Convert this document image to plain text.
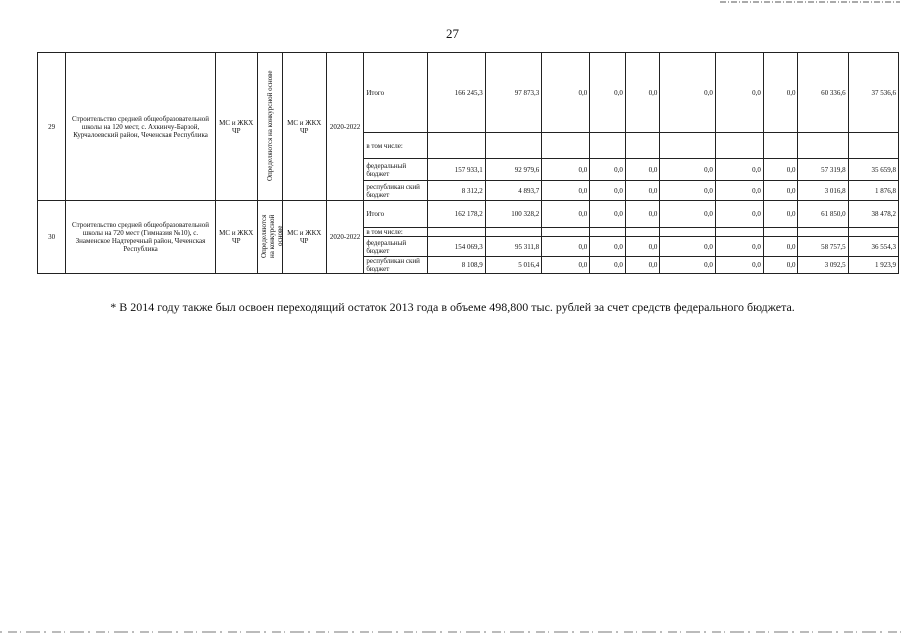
27
29	Строительство средней общеобразовательной школы на 120 мест, с. Ахкинчу-Барзой, Курчалоевский район, Чеченская Республика	МС и ЖКХ ЧР	Определяются на конкурсной основе	МС и ЖКХ ЧР	2020-2022	Итого	166 245,3	97 873,3	0,0	0,0	0,0	0,0	0,0	0,0	60 336,6	37 536,6
						в том числе:										
						федеральный бюджет	157 933,1	92 979,6	0,0	0,0	0,0	0,0	0,0	0,0	57 319,8	35 659,8
						республикан ский бюджет	8 312,2	4 893,7	0,0	0,0	0,0	0,0	0,0	0,0	3 016,8	1 876,8
30	Строительство средней общеобразовательной школы на 720 мест (Гимназия №10), с. Знаменское Надтеречный район, Чеченская Республика	МС и ЖКХ ЧР	Определяются на конкурсной основе	МС и ЖКХ ЧР	2020-2022	Итого	162 178,2	100 328,2	0,0	0,0	0,0	0,0	0,0	0,0	61 850,0	38 478,2
						в том числе:										
						федеральный бюджет	154 069,3	95 311,8	0,0	0,0	0,0	0,0	0,0	0,0	58 757,5	36 554,3
						республикан ский бюджет	8 108,9	5 016,4	0,0	0,0	0,0	0,0	0,0	0,0	3 092,5	1 923,9
* В 2014 году также был освоен переходящий остаток 2013 года в объеме 498,800 тыс. рублей за счет средств федерального бюджета.
